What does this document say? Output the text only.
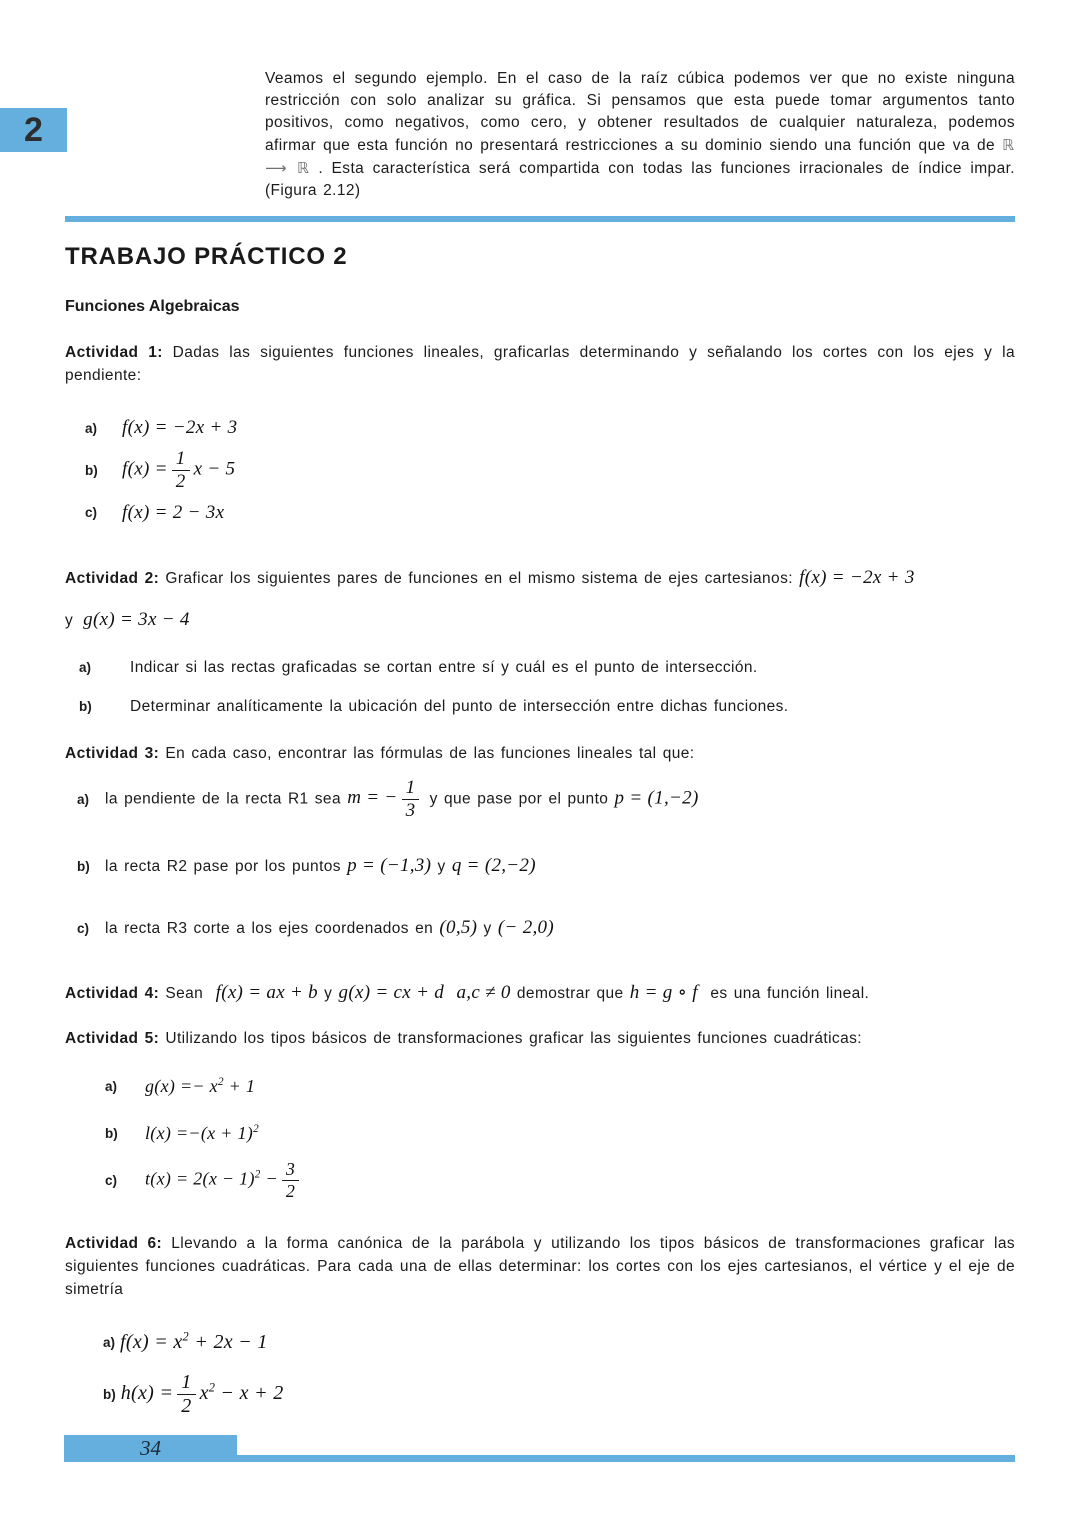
2

Veamos el segundo ejemplo. En el caso de la raíz cúbica podemos ver que no existe ninguna restricción con solo analizar su gráfica. Si pensamos que esta puede tomar argumentos tanto positivos, como negativos, como cero, y obtener resultados de cualquier naturaleza, podemos afirmar que esta función no presentará restricciones a su dominio siendo una función que va de ℝ ⟶ ℝ . Esta característica será compartida con todas las funciones irracionales de índice impar. (Figura 2.12)

TRABAJO PRÁCTICO 2
Funciones Algebraicas

Actividad 1: Dadas las siguientes funciones lineales, graficarlas determinando y señalando los cortes con los ejes y la pendiente:

a)	f(x) = −2x + 3
b)	$f(x) = \frac{1}{2}$ x − 5
c)	f(x) = 2 − 3x

Actividad 2: Graficar los siguientes pares de funciones en el mismo sistema de ejes cartesianos: f(x) = −2x + 3

y g(x) = 3x − 4
a)	Indicar si las rectas graficadas se cortan entre sí y cuál es el punto de intersección.
b)	Determinar analíticamente la ubicación del punto de intersección entre dichas funciones.

Actividad 3: En cada caso, encontrar las fórmulas de las funciones lineales tal que:

a)	la pendiente de la recta R1 sea m = − $\frac{1}{3}$ y que pase por el punto p = (1,−2)
b) la recta R2 pase por los puntos p = (−1,3) y q = (2,−2)
c)	la recta R3 corte a los ejes coordenados en (0,5) y (− 2,0)

Actividad 4: Sean f(x) = ax + b y g(x) = cx + d a,c ≠ 0 demostrar que h = g ∘ f es una función lineal.

Actividad 5: Utilizando los tipos básicos de transformaciones graficar las siguientes funciones cuadráticas:

a)	$g(x) =- x^2 + 1$
b)	$l(x) =-(x + 1)^2$
c)	$t(x) = 2(x - 1)^2 - \frac{3}{2}$

Actividad 6: Llevando a la forma canónica de la parábola y utilizando los tipos básicos de transformaciones graficar las siguientes funciones cuadráticas. Para cada una de ellas determinar: los cortes con los ejes cartesianos, el vértice y el eje de simetría

a) $f(x) = x^2 + 2x - 1$
b) $h(x) = \frac{1}{2} x^2 - x + 2$
34
